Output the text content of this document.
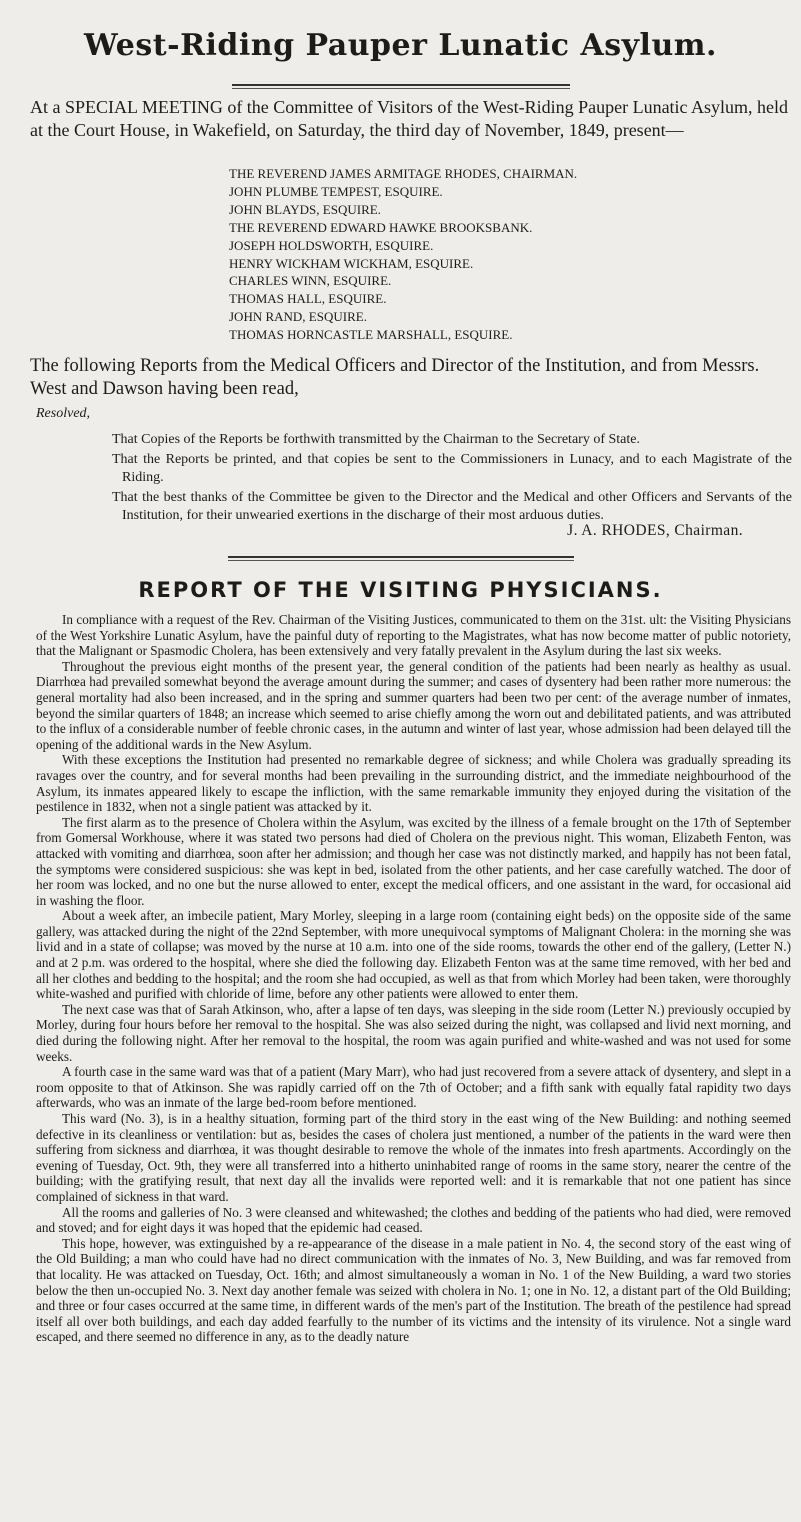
West-Riding Pauper Lunatic Asylum.
At a SPECIAL MEETING of the Committee of Visitors of the West-Riding Pauper Lunatic Asylum, held at the Court House, in Wakefield, on Saturday, the third day of November, 1849, present—
THE REVEREND JAMES ARMITAGE RHODES, CHAIRMAN.
JOHN PLUMBE TEMPEST, ESQUIRE.
JOHN BLAYDS, ESQUIRE.
THE REVEREND EDWARD HAWKE BROOKSBANK.
JOSEPH HOLDSWORTH, ESQUIRE.
HENRY WICKHAM WICKHAM, ESQUIRE.
CHARLES WINN, ESQUIRE.
THOMAS HALL, ESQUIRE.
JOHN RAND, ESQUIRE.
THOMAS HORNCASTLE MARSHALL, ESQUIRE.
The following Reports from the Medical Officers and Director of the Institution, and from Messrs. West and Dawson having been read,
Resolved,
That Copies of the Reports be forthwith transmitted by the Chairman to the Secretary of State.
That the Reports be printed, and that copies be sent to the Commissioners in Lunacy, and to each Magistrate of the Riding.
That the best thanks of the Committee be given to the Director and the Medical and other Officers and Servants of the Institution, for their unwearied exertions in the discharge of their most arduous duties.
J. A. RHODES, Chairman.
REPORT OF THE VISITING PHYSICIANS.

In compliance with a request of the Rev. Chairman of the Visiting Justices, communicated to them on the 31st. ult: the Visiting Physicians of the West Yorkshire Lunatic Asylum, have the painful duty of reporting to the Magistrates, what has now become matter of public notoriety, that the Malignant or Spasmodic Cholera, has been extensively and very fatally prevalent in the Asylum during the last six weeks.

Throughout the previous eight months of the present year, the general condition of the patients had been nearly as healthy as usual. Diarrhœa had prevailed somewhat beyond the average amount during the summer; and cases of dysentery had been rather more numerous: the general mortality had also been increased, and in the spring and summer quarters had been two per cent: of the average number of inmates, beyond the similar quarters of 1848; an increase which seemed to arise chiefly among the worn out and debilitated patients, and was attributed to the influx of a considerable number of feeble chronic cases, in the autumn and winter of last year, whose admission had been delayed till the opening of the additional wards in the New Asylum.

With these exceptions the Institution had presented no remarkable degree of sickness; and while Cholera was gradually spreading its ravages over the country, and for several months had been prevailing in the surrounding district, and the immediate neighbourhood of the Asylum, its inmates appeared likely to escape the infliction, with the same remarkable immunity they enjoyed during the visitation of the pestilence in 1832, when not a single patient was attacked by it.

The first alarm as to the presence of Cholera within the Asylum, was excited by the illness of a female brought on the 17th of September from Gomersal Workhouse, where it was stated two persons had died of Cholera on the previous night. This woman, Elizabeth Fenton, was attacked with vomiting and diarrhœa, soon after her admission; and though her case was not distinctly marked, and happily has not been fatal, the symptoms were considered suspicious: she was kept in bed, isolated from the other patients, and her case carefully watched. The door of her room was locked, and no one but the nurse allowed to enter, except the medical officers, and one assistant in the ward, for occasional aid in washing the floor.

About a week after, an imbecile patient, Mary Morley, sleeping in a large room (containing eight beds) on the opposite side of the same gallery, was attacked during the night of the 22nd September, with more unequivocal symptoms of Malignant Cholera: in the morning she was livid and in a state of collapse; was moved by the nurse at 10 a.m. into one of the side rooms, towards the other end of the gallery, (Letter N.) and at 2 p.m. was ordered to the hospital, where she died the following day. Elizabeth Fenton was at the same time removed, with her bed and all her clothes and bedding to the hospital; and the room she had occupied, as well as that from which Morley had been taken, were thoroughly white-washed and purified with chloride of lime, before any other patients were allowed to enter them.

The next case was that of Sarah Atkinson, who, after a lapse of ten days, was sleeping in the side room (Letter N.) previously occupied by Morley, during four hours before her removal to the hospital. She was also seized during the night, was collapsed and livid next morning, and died during the following night. After her removal to the hospital, the room was again purified and white-washed and was not used for some weeks.

A fourth case in the same ward was that of a patient (Mary Marr), who had just recovered from a severe attack of dysentery, and slept in a room opposite to that of Atkinson. She was rapidly carried off on the 7th of October; and a fifth sank with equally fatal rapidity two days afterwards, who was an inmate of the large bed-room before mentioned.

This ward (No. 3), is in a healthy situation, forming part of the third story in the east wing of the New Building: and nothing seemed defective in its cleanliness or ventilation: but as, besides the cases of cholera just mentioned, a number of the patients in the ward were then suffering from sickness and diarrhœa, it was thought desirable to remove the whole of the inmates into fresh apartments. Accordingly on the evening of Tuesday, Oct. 9th, they were all transferred into a hitherto uninhabited range of rooms in the same story, nearer the centre of the building; with the gratifying result, that next day all the invalids were reported well: and it is remarkable that not one patient has since complained of sickness in that ward.

All the rooms and galleries of No. 3 were cleansed and whitewashed; the clothes and bedding of the patients who had died, were removed and stoved; and for eight days it was hoped that the epidemic had ceased.

This hope, however, was extinguished by a re-appearance of the disease in a male patient in No. 4, the second story of the east wing of the Old Building; a man who could have had no direct communication with the inmates of No. 3, New Building, and was far removed from that locality. He was attacked on Tuesday, Oct. 16th; and almost simultaneously a woman in No. 1 of the New Building, a ward two stories below the then un-occupied No. 3. Next day another female was seized with cholera in No. 1; one in No. 12, a distant part of the Old Building; and three or four cases occurred at the same time, in different wards of the men's part of the Institution. The breath of the pestilence had spread itself all over both buildings, and each day added fearfully to the number of its victims and the intensity of its virulence. Not a single ward escaped, and there seemed no difference in any, as to the deadly nature
